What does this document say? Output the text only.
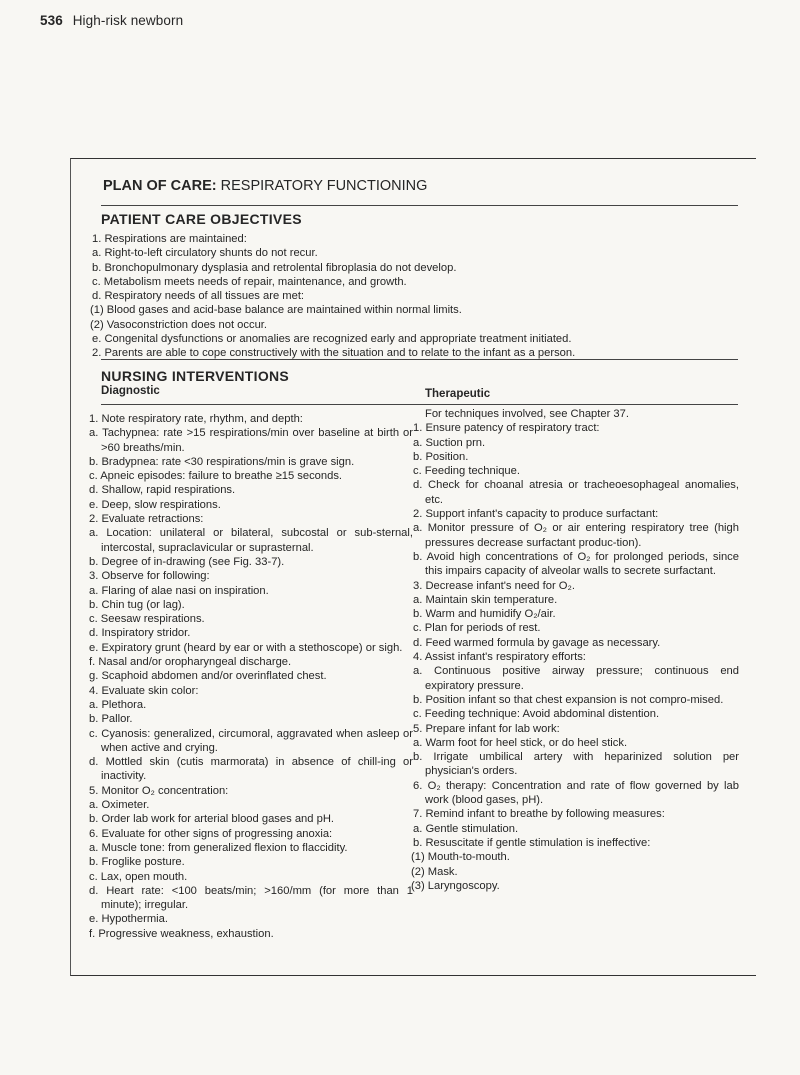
536 High-risk newborn
PLAN OF CARE: RESPIRATORY FUNCTIONING
PATIENT CARE OBJECTIVES
1. Respirations are maintained:
a. Right-to-left circulatory shunts do not recur.
b. Bronchopulmonary dysplasia and retrolental fibroplasia do not develop.
c. Metabolism meets needs of repair, maintenance, and growth.
d. Respiratory needs of all tissues are met:
(1) Blood gases and acid-base balance are maintained within normal limits.
(2) Vasoconstriction does not occur.
e. Congenital dysfunctions or anomalies are recognized early and appropriate treatment initiated.
2. Parents are able to cope constructively with the situation and to relate to the infant as a person.
NURSING INTERVENTIONS
Diagnostic	Therapeutic
1. Note respiratory rate, rhythm, and depth:
a. Tachypnea: rate >15 respirations/min over baseline at birth or >60 breaths/min.
b. Bradypnea: rate <30 respirations/min is grave sign.
c. Apneic episodes: failure to breathe ≥15 seconds.
d. Shallow, rapid respirations.
e. Deep, slow respirations.
2. Evaluate retractions:
a. Location: unilateral or bilateral, subcostal or sub-sternal, intercostal, supraclavicular or suprasternal.
b. Degree of in-drawing (see Fig. 33-7).
3. Observe for following:
a. Flaring of alae nasi on inspiration.
b. Chin tug (or lag).
c. Seesaw respirations.
d. Inspiratory stridor.
e. Expiratory grunt (heard by ear or with a stethoscope) or sigh.
f. Nasal and/or oropharyngeal discharge.
g. Scaphoid abdomen and/or overinflated chest.
4. Evaluate skin color:
a. Plethora.
b. Pallor.
c. Cyanosis: generalized, circumoral, aggravated when asleep or when active and crying.
d. Mottled skin (cutis marmorata) in absence of chill-ing or inactivity.
5. Monitor O₂ concentration:
a. Oximeter.
b. Order lab work for arterial blood gases and pH.
6. Evaluate for other signs of progressing anoxia:
a. Muscle tone: from generalized flexion to flaccidity.
b. Froglike posture.
c. Lax, open mouth.
d. Heart rate: <100 beats/min; >160/mm (for more than 1 minute); irregular.
e. Hypothermia.
f. Progressive weakness, exhaustion.
For techniques involved, see Chapter 37.
1. Ensure patency of respiratory tract:
a. Suction prn.
b. Position.
c. Feeding technique.
d. Check for choanal atresia or tracheoesophageal anomalies, etc.
2. Support infant's capacity to produce surfactant:
a. Monitor pressure of O₂ or air entering respiratory tree (high pressures decrease surfactant produc-tion).
b. Avoid high concentrations of O₂ for prolonged periods, since this impairs capacity of alveolar walls to secrete surfactant.
3. Decrease infant's need for O₂.
a. Maintain skin temperature.
b. Warm and humidify O₂/air.
c. Plan for periods of rest.
d. Feed warmed formula by gavage as necessary.
4. Assist infant's respiratory efforts:
a. Continuous positive airway pressure; continuous end expiratory pressure.
b. Position infant so that chest expansion is not compro-mised.
c. Feeding technique: Avoid abdominal distention.
5. Prepare infant for lab work:
a. Warm foot for heel stick, or do heel stick.
b. Irrigate umbilical artery with heparinized solution per physician's orders.
6. O₂ therapy: Concentration and rate of flow governed by lab work (blood gases, pH).
7. Remind infant to breathe by following measures:
a. Gentle stimulation.
b. Resuscitate if gentle stimulation is ineffective:
(1) Mouth-to-mouth.
(2) Mask.
(3) Laryngoscopy.
